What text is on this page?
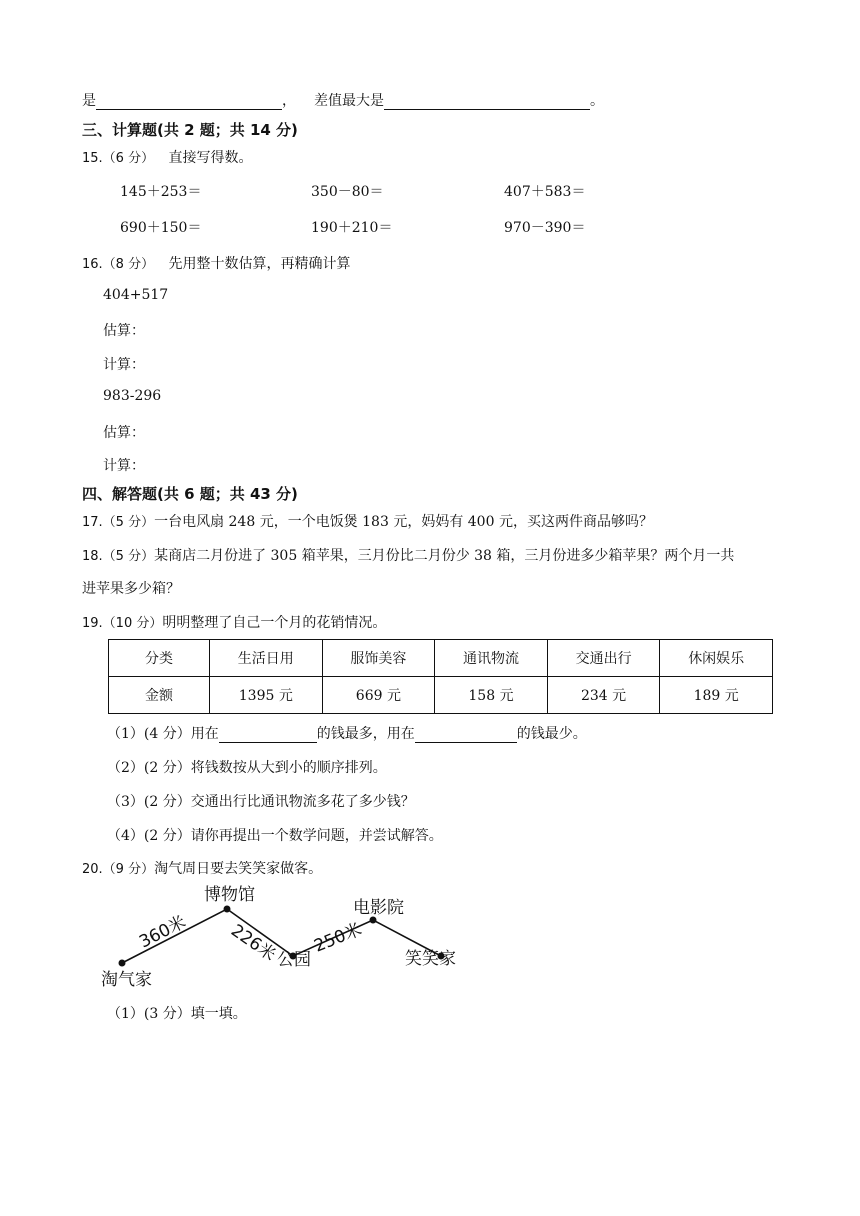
是	， 差值最大是	。
三、计算题(共 2 题；共 14 分)
15.（6 分） 直接写得数。
145＋253＝	350－80＝	407＋583＝
690＋150＝	190＋210＝	970－390＝
16.（8 分） 先用整十数估算，再精确计算
404+517
估算：
计算：
983-296
估算：
计算：
四、解答题(共 6 题；共 43 分)
17.（5 分）一台电风扇 248 元，一个电饭煲 183 元，妈妈有 400 元，买这两件商品够吗？
18.（5 分）某商店二月份进了 305 箱苹果，三月份比二月份少 38 箱，三月份进多少箱苹果？两个月一共
进苹果多少箱？
19.（10 分）明明整理了自己一个月的花销情况。
分类	生活日用	服饰美容	通讯物流	交通出行	休闲娱乐
金额	1395 元	669 元	158 元	234 元	189 元
（1）(4 分）用在	的钱最多，用在	的钱最少。
（2）(2 分）将钱数按从大到小的顺序排列。
（3）(2 分）交通出行比通讯物流多花了多少钱？
（4）(2 分）请你再提出一个数学问题，并尝试解答。
20.（9 分）淘气周日要去笑笑家做客。
淘气家
博物馆
公园
电影院
笑笑家
360米 226米 250米
（1）(3 分）填一填。
